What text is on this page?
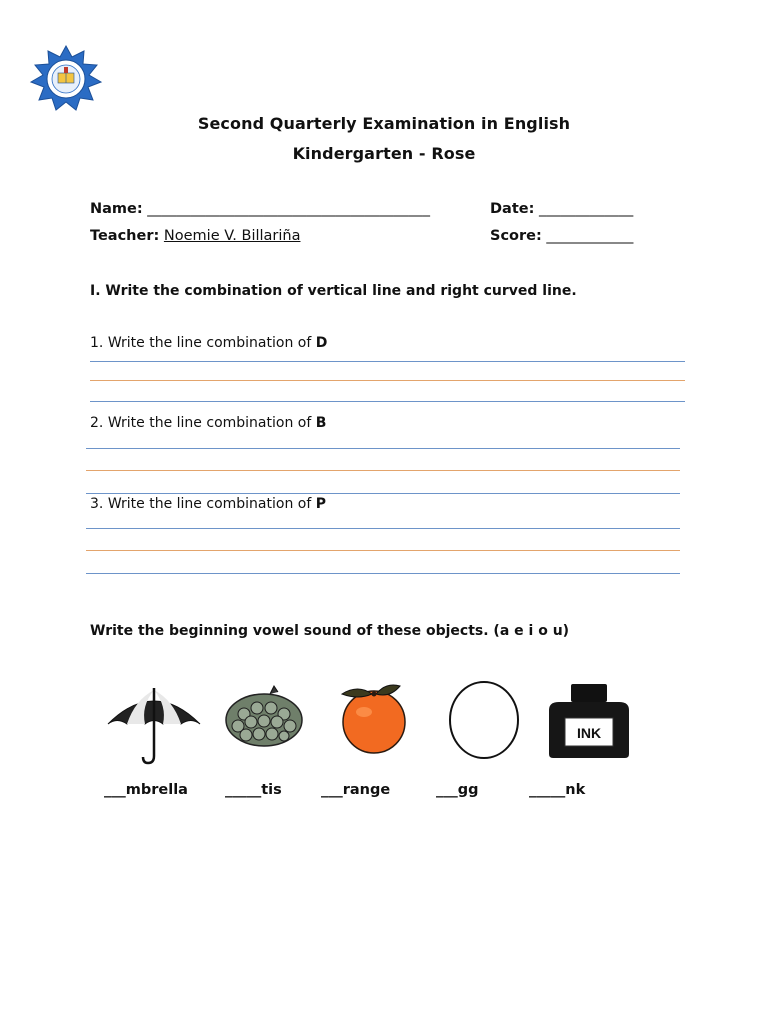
Second Quarterly Examination in English
Kindergarten - Rose
Name: _______________________________________	Date: _____________
Teacher: Noemie V. Billariña	Score: ____________
I. Write the combination of vertical line and right curved line.
1. Write the line combination of D
2. Write the line combination of B
3. Write the line combination of P
Write the beginning vowel sound of these objects. (a e i o u)
INK
___mbrella	_____tis	___range	___gg	_____nk
